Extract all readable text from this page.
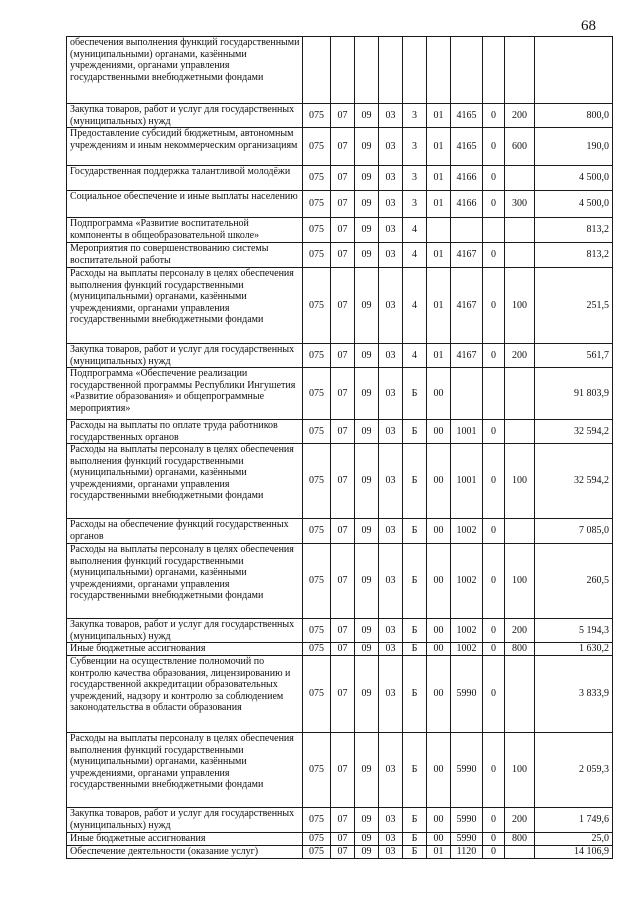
68
обеспечения выполнения функций государственными (муниципальными) органами, казёнными учреждениями, органами управления государственными внебюджетными фондами										
Закупка товаров, работ и услуг для государственных (муниципальных) нужд	075	07	09	03	3	01	4165	0	200	800,0
Предоставление субсидий бюджетным, автономным учреждениям и иным некоммерческим организациям	075	07	09	03	3	01	4165	0	600	190,0
Государственная поддержка талантливой молодёжи	075	07	09	03	3	01	4166	0		4 500,0
Социальное обеспечение и иные выплаты населению	075	07	09	03	3	01	4166	0	300	4 500,0
Подпрограмма «Развитие воспитательной компоненты в общеобразовательной школе»	075	07	09	03	4					813,2
Мероприятия по совершенствованию системы воспитательной работы	075	07	09	03	4	01	4167	0		813,2
Расходы на выплаты персоналу в целях обеспечения выполнения функций государственными (муниципальными) органами, казёнными учреждениями, органами управления государственными внебюджетными фондами	075	07	09	03	4	01	4167	0	100	251,5
Закупка товаров, работ и услуг для государственных (муниципальных) нужд	075	07	09	03	4	01	4167	0	200	561,7
Подпрограмма «Обеспечение реализации государственной программы Республики Ингушетия «Развитие образования» и общепрограммные мероприятия»	075	07	09	03	Б	00				91 803,9
Расходы на выплаты по оплате труда работников государственных органов	075	07	09	03	Б	00	1001	0		32 594,2
Расходы на выплаты персоналу в целях обеспечения выполнения функций государственными (муниципальными) органами, казёнными учреждениями, органами управления государственными внебюджетными фондами	075	07	09	03	Б	00	1001	0	100	32 594,2
Расходы на обеспечение функций государственных органов	075	07	09	03	Б	00	1002	0		7 085,0
Расходы на выплаты персоналу в целях обеспечения выполнения функций государственными (муниципальными) органами, казёнными учреждениями, органами управления государственными внебюджетными фондами	075	07	09	03	Б	00	1002	0	100	260,5
Закупка товаров, работ и услуг для государственных (муниципальных) нужд	075	07	09	03	Б	00	1002	0	200	5 194,3
Иные бюджетные ассигнования	075	07	09	03	Б	00	1002	0	800	1 630,2
Субвенции на осуществление полномочий по контролю качества образования, лицензированию и государственной аккредитации образовательных учреждений, надзору и контролю за соблюдением законодательства в области образования	075	07	09	03	Б	00	5990	0		3 833,9
Расходы на выплаты персоналу в целях обеспечения выполнения функций государственными (муниципальными) органами, казёнными учреждениями, органами управления государственными внебюджетными фондами	075	07	09	03	Б	00	5990	0	100	2 059,3
Закупка товаров, работ и услуг для государственных (муниципальных) нужд	075	07	09	03	Б	00	5990	0	200	1 749,6
Иные бюджетные ассигнования	075	07	09	03	Б	00	5990	0	800	25,0
Обеспечение деятельности (оказание услуг)	075	07	09	03	Б	01	1120	0		14 106,9
